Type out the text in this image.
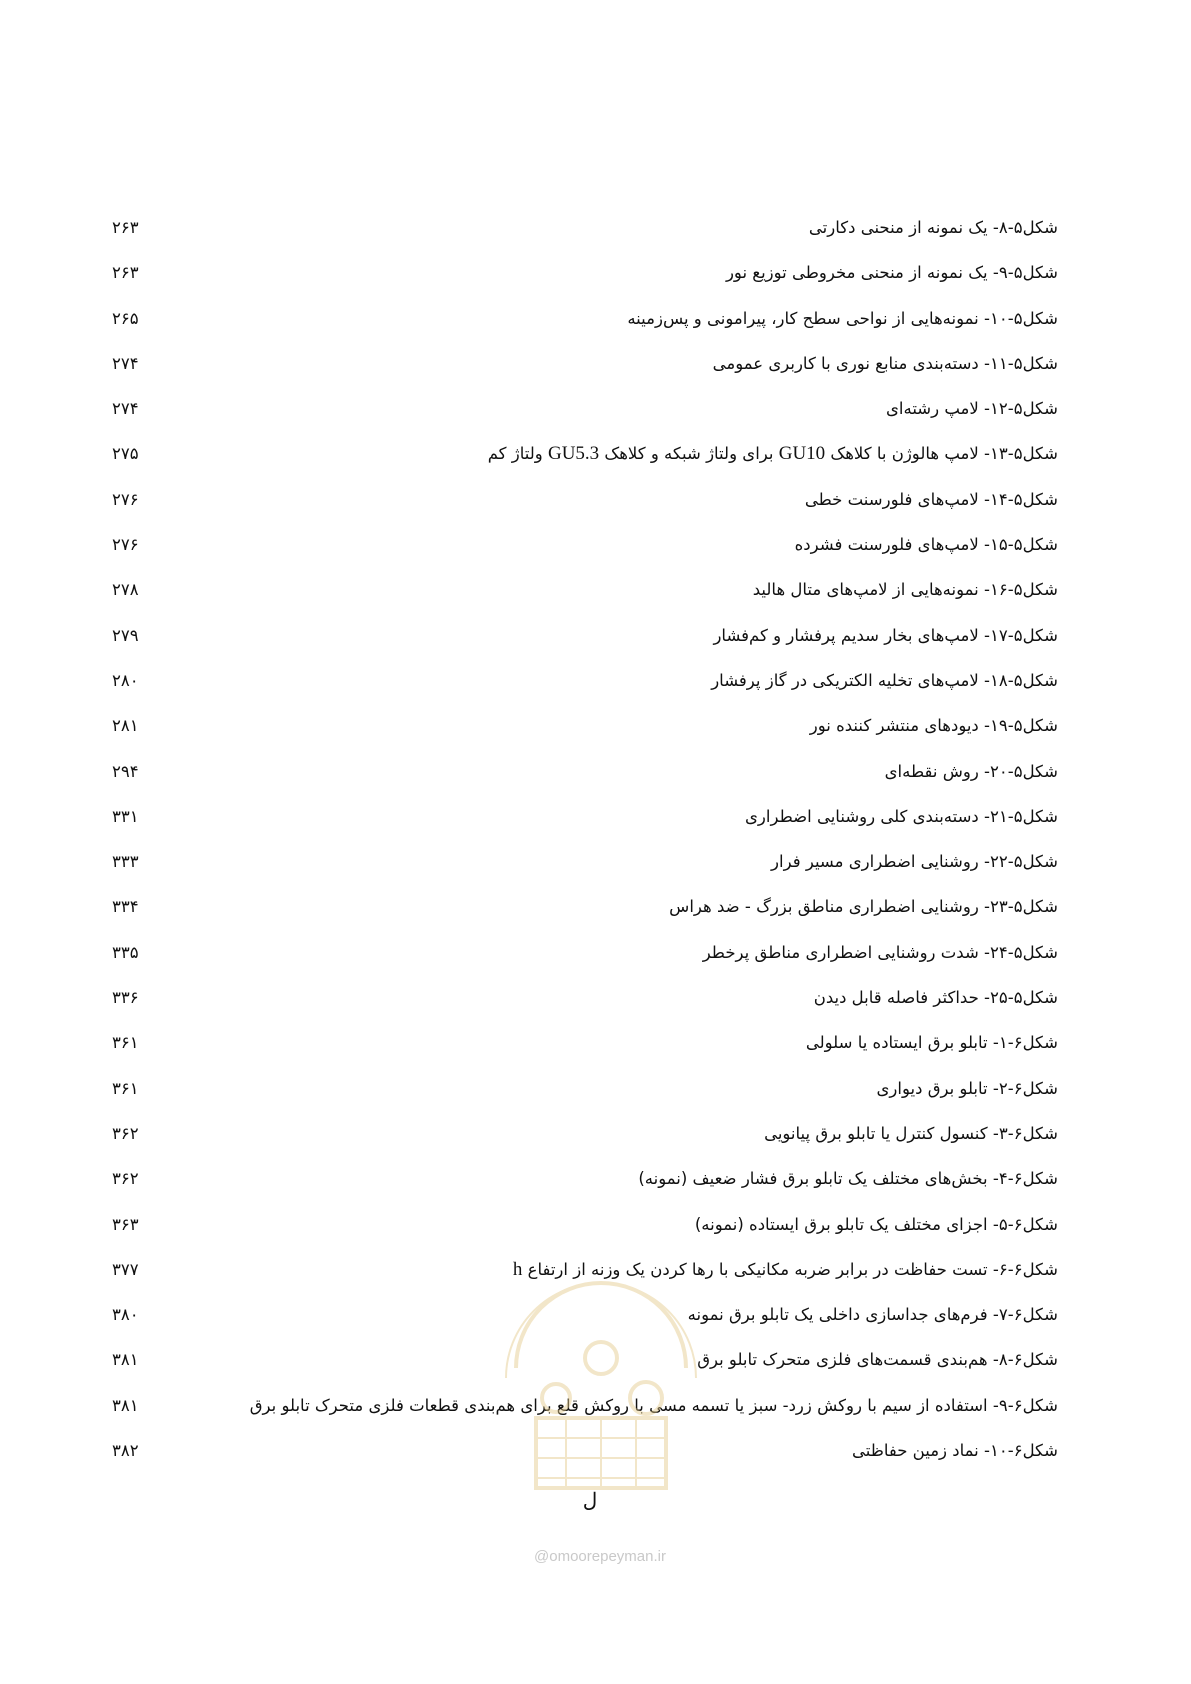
شکل۵-۸- یک نمونه از منحنی دکارتی
۲۶۳
شکل۵-۹- یک نمونه از منحنی مخروطی توزیع نور
۲۶۳
شکل۵-۱۰- نمونه‌هایی از نواحی سطح کار، پیرامونی و پس‌زمینه
۲۶۵
شکل۵-۱۱- دسته‌بندی منابع نوری با کاربری عمومی
۲۷۴
شکل۵-۱۲- لامپ رشته‌ای
۲۷۴
شکل۵-۱۳- لامپ هالوژن با کلاهک GU10 برای ولتاژ شبکه و کلاهک GU5.3 ولتاژ کم
۲۷۵
شکل۵-۱۴- لامپ‌های فلورسنت خطی
۲۷۶
شکل۵-۱۵- لامپ‌های فلورسنت فشرده
۲۷۶
شکل۵-۱۶- نمونه‌هایی از لامپ‌های متال هالید
۲۷۸
شکل۵-۱۷- لامپ‌های بخار سدیم پرفشار و کم‌فشار
۲۷۹
شکل۵-۱۸- لامپ‌های تخلیه الکتریکی در گاز پرفشار
۲۸۰
شکل۵-۱۹- دیودهای منتشر کننده نور
۲۸۱
شکل۵-۲۰- روش نقطه‌ای
۲۹۴
شکل۵-۲۱- دسته‌بندی کلی روشنایی اضطراری
۳۳۱
شکل۵-۲۲- روشنایی اضطراری مسیر فرار
۳۳۳
شکل۵-۲۳- روشنایی اضطراری مناطق بزرگ - ضد هراس
۳۳۴
شکل۵-۲۴- شدت روشنایی اضطراری مناطق پرخطر
۳۳۵
شکل۵-۲۵- حداکثر فاصله قابل دیدن
۳۳۶
شکل۶-۱- تابلو برق ایستاده یا سلولی
۳۶۱
شکل۶-۲- تابلو برق دیواری
۳۶۱
شکل۶-۳- کنسول کنترل یا تابلو برق پیانویی
۳۶۲
شکل۶-۴- بخش‌های مختلف یک تابلو برق فشار ضعیف (نمونه)
۳۶۲
شکل۶-۵- اجزای مختلف یک تابلو برق ایستاده (نمونه)
۳۶۳
شکل۶-۶- تست حفاظت در برابر ضربه مکانیکی با رها کردن یک وزنه از ارتفاع h
۳۷۷
شکل۶-۷- فرم‌های جداسازی داخلی یک تابلو برق نمونه
۳۸۰
شکل۶-۸- هم‌بندی قسمت‌های فلزی متحرک تابلو برق
۳۸۱
شکل۶-۹- استفاده از سیم با روکش زرد- سبز یا تسمه مسی با روکش قلع برای هم‌بندی قطعات فلزی متحرک تابلو برق
۳۸۱
شکل۶-۱۰- نماد زمین حفاظتی
۳۸۲
@omoorepeyman.ir
ل
